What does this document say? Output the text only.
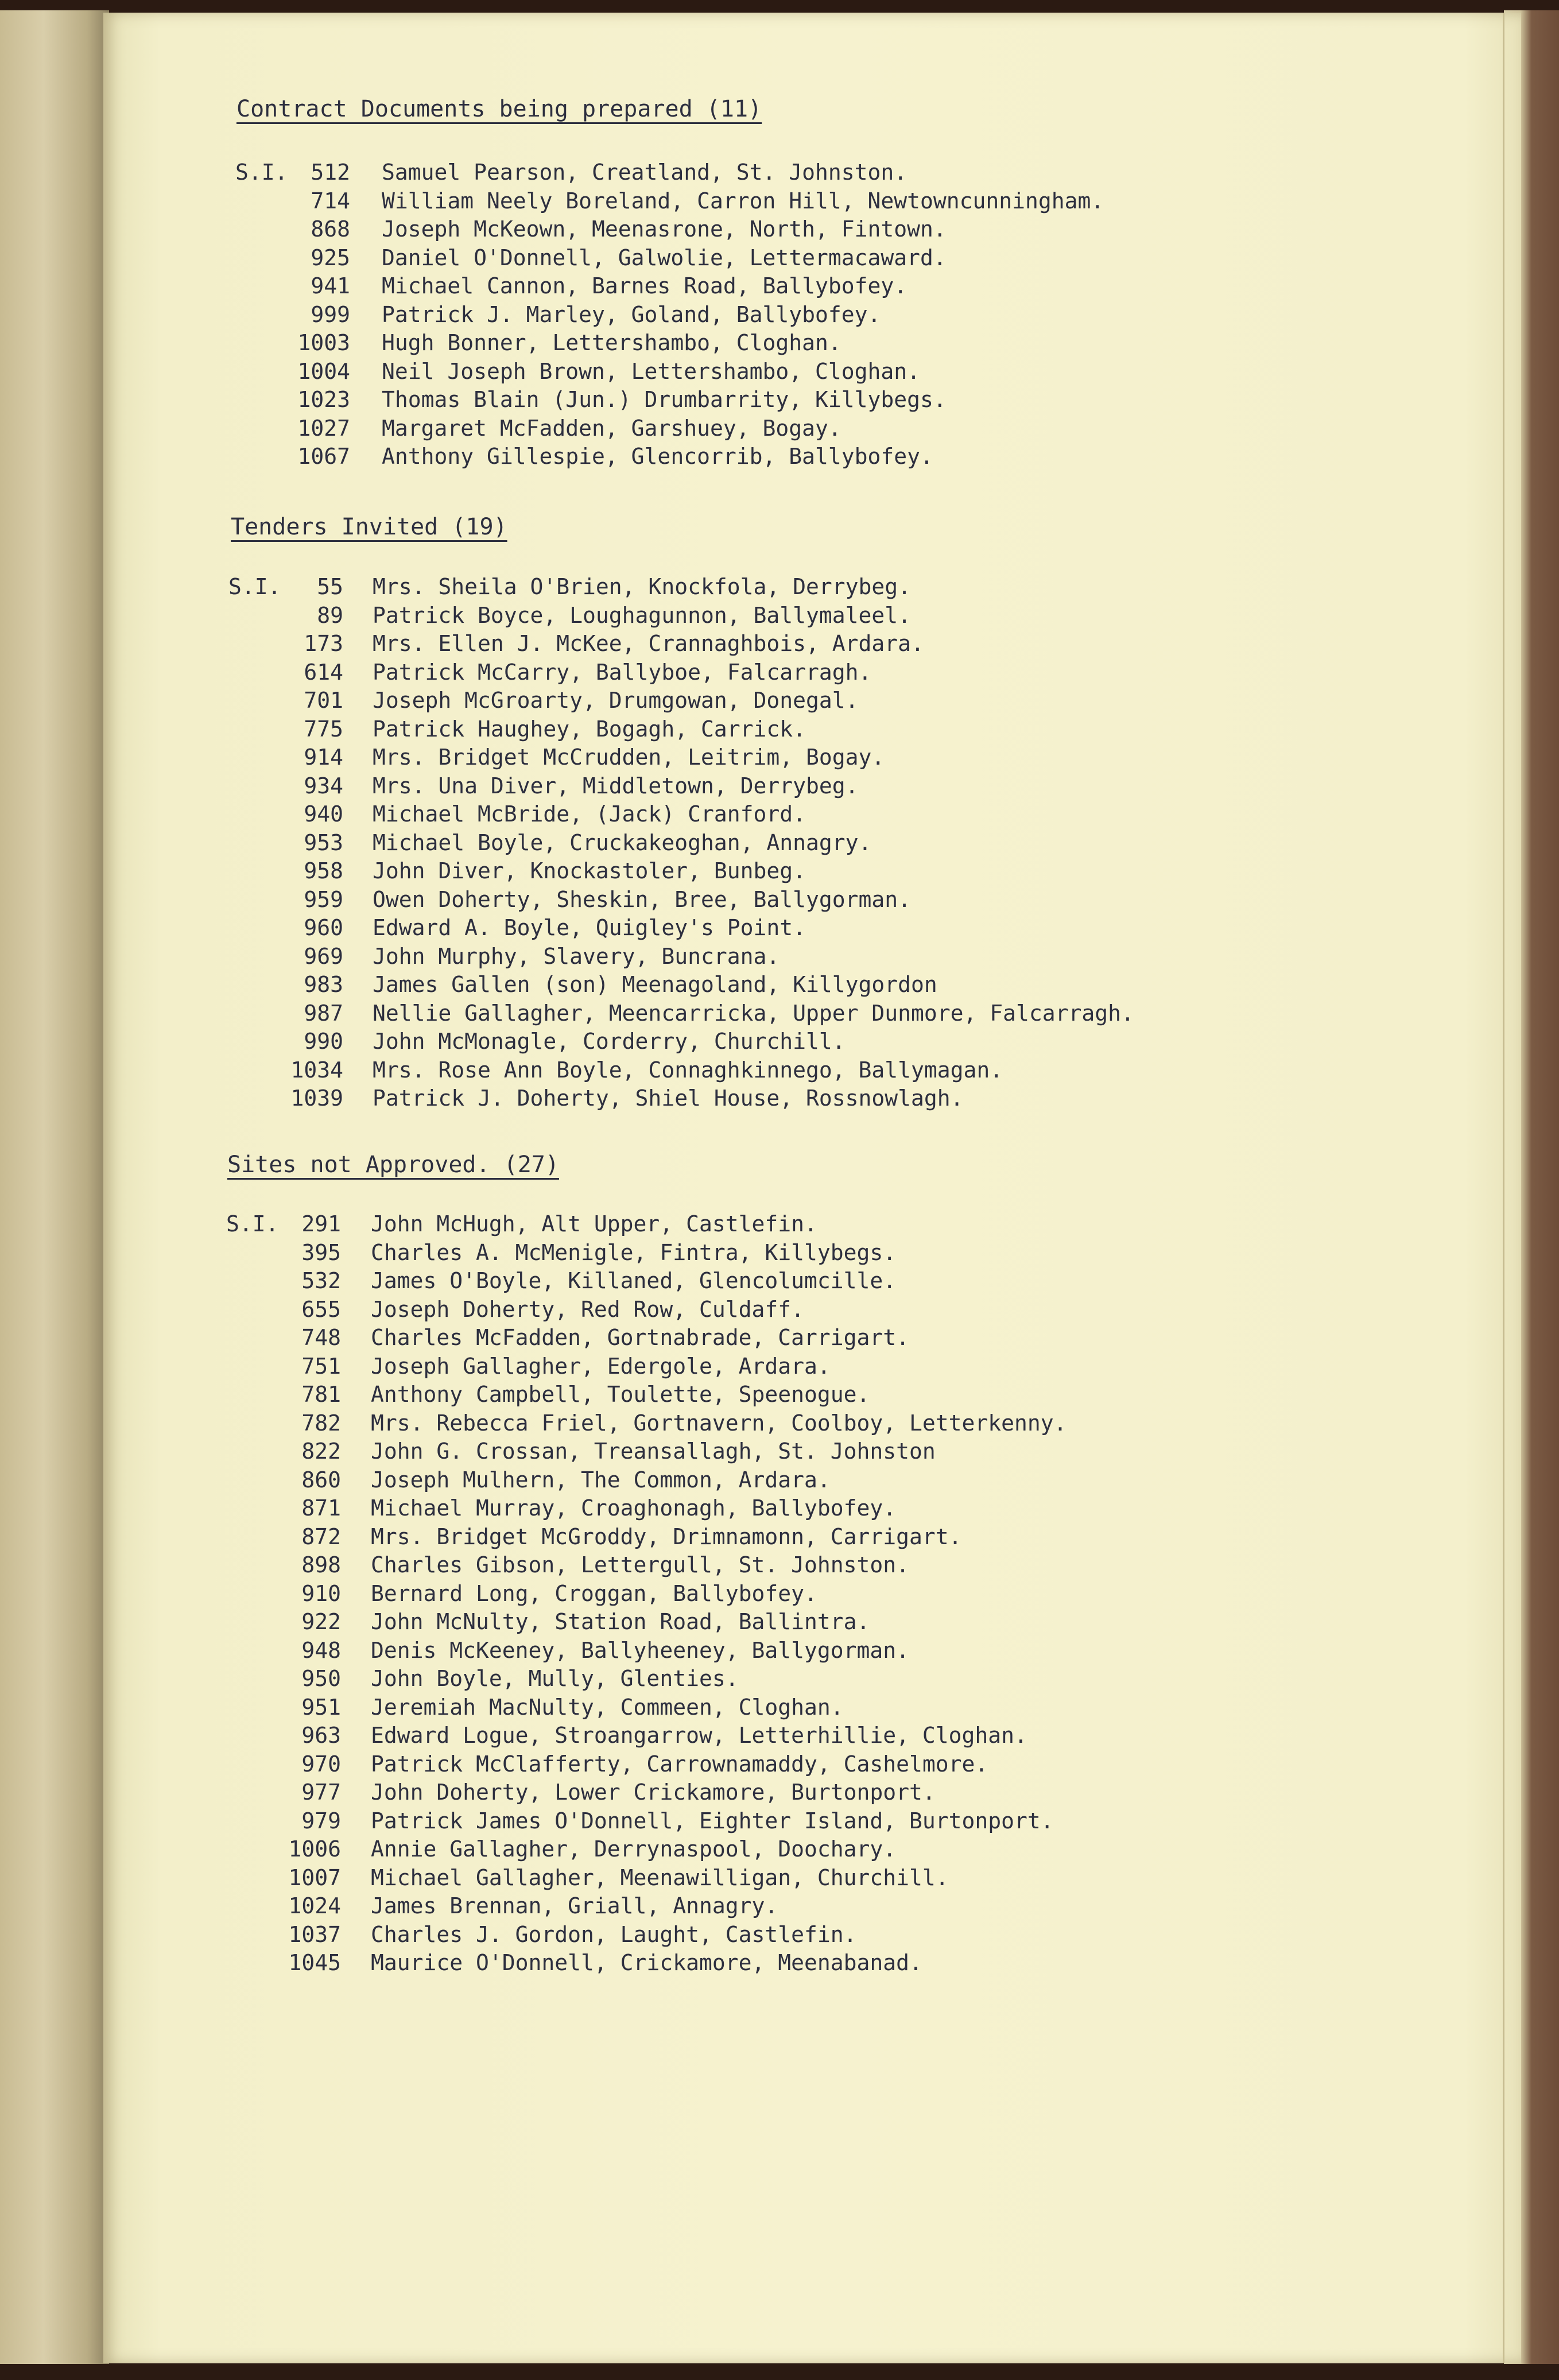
Contract Documents being prepared (11)
S.I.	512 Samuel Pearson, Creatland, St. Johnston.
714 William Neely Boreland, Carron Hill, Newtowncunningham.
868 Joseph McKeown, Meenasrone, North, Fintown.
925 Daniel O'Donnell, Galwolie, Lettermacaward.
941 Michael Cannon, Barnes Road, Ballybofey.
999 Patrick J. Marley, Goland, Ballybofey.
1003 Hugh Bonner, Lettershambo, Cloghan.
1004 Neil Joseph Brown, Lettershambo, Cloghan.
1023 Thomas Blain (Jun.) Drumbarrity, Killybegs.
1027 Margaret McFadden, Garshuey, Bogay.
1067 Anthony Gillespie, Glencorrib, Ballybofey.
Tenders Invited (19)
S.I.	55 Mrs. Sheila O'Brien, Knockfola, Derrybeg.
89 Patrick Boyce, Loughagunnon, Ballymaleel.
173 Mrs. Ellen J. McKee, Crannaghbois, Ardara.
614 Patrick McCarry, Ballyboe, Falcarragh.
701 Joseph McGroarty, Drumgowan, Donegal.
775 Patrick Haughey, Bogagh, Carrick.
914 Mrs. Bridget McCrudden, Leitrim, Bogay.
934 Mrs. Una Diver, Middletown, Derrybeg.
940 Michael McBride, (Jack) Cranford.
953 Michael Boyle, Cruckakeoghan, Annagry.
958 John Diver, Knockastoler, Bunbeg.
959 Owen Doherty, Sheskin, Bree, Ballygorman.
960 Edward A. Boyle, Quigley's Point.
969 John Murphy, Slavery, Buncrana.
983 James Gallen (son) Meenagoland, Killygordon
987 Nellie Gallagher, Meencarricka, Upper Dunmore, Falcarragh.
990 John McMonagle, Corderry, Churchill.
1034 Mrs. Rose Ann Boyle, Connaghkinnego, Ballymagan.
1039 Patrick J. Doherty, Shiel House, Rossnowlagh.
Sites not Approved. (27)
S.I.	291 John McHugh, Alt Upper, Castlefin.
395 Charles A. McMenigle, Fintra, Killybegs.
532 James O'Boyle, Killaned, Glencolumcille.
655 Joseph Doherty, Red Row, Culdaff.
748 Charles McFadden, Gortnabrade, Carrigart.
751 Joseph Gallagher, Edergole, Ardara.
781 Anthony Campbell, Toulette, Speenogue.
782 Mrs. Rebecca Friel, Gortnavern, Coolboy, Letterkenny.
822 John G. Crossan, Treansallagh, St. Johnston
860 Joseph Mulhern, The Common, Ardara.
871 Michael Murray, Croaghonagh, Ballybofey.
872 Mrs. Bridget McGroddy, Drimnamonn, Carrigart.
898 Charles Gibson, Lettergull, St. Johnston.
910 Bernard Long, Croggan, Ballybofey.
922 John McNulty, Station Road, Ballintra.
948 Denis McKeeney, Ballyheeney, Ballygorman.
950 John Boyle, Mully, Glenties.
951 Jeremiah MacNulty, Commeen, Cloghan.
963 Edward Logue, Stroangarrow, Letterhillie, Cloghan.
970 Patrick McClafferty, Carrownamaddy, Cashelmore.
977 John Doherty, Lower Crickamore, Burtonport.
979 Patrick James O'Donnell, Eighter Island, Burtonport.
1006 Annie Gallagher, Derrynaspool, Doochary.
1007 Michael Gallagher, Meenawilligan, Churchill.
1024 James Brennan, Griall, Annagry.
1037 Charles J. Gordon, Laught, Castlefin.
1045 Maurice O'Donnell, Crickamore, Meenabanad.
